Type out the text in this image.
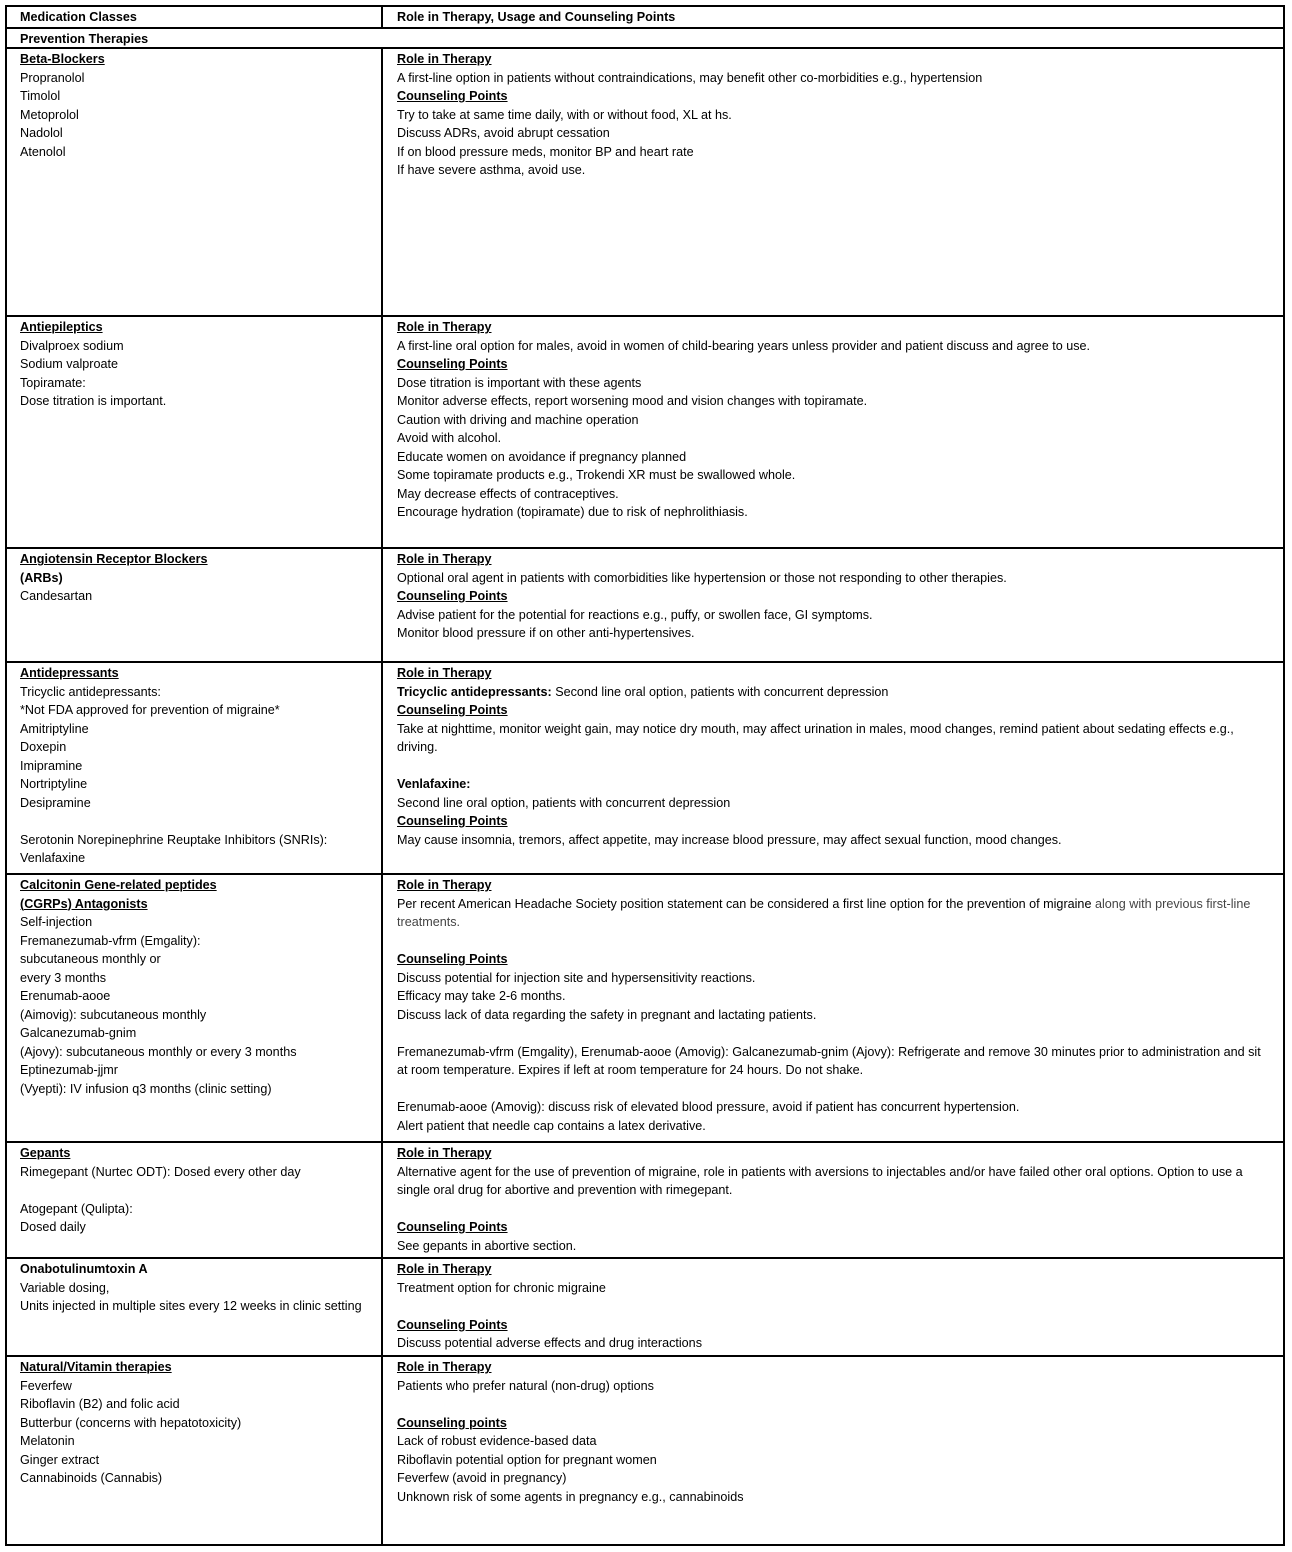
Medication Classes	Role in Therapy, Usage and Counseling Points
Prevention Therapies
Beta-Blockers
Propranolol
Timolol
Metoprolol
Nadolol
Atenolol
Role in Therapy
A first-line option in patients without contraindications, may benefit other co-morbidities e.g., hypertension
Counseling Points
Try to take at same time daily, with or without food, XL at hs.
Discuss ADRs, avoid abrupt cessation
If on blood pressure meds, monitor BP and heart rate
If have severe asthma, avoid use.
Antiepileptics
Divalproex sodium
Sodium valproate
Topiramate:
Dose titration is important.
Role in Therapy
A first-line oral option for males, avoid in women of child-bearing years unless provider and patient discuss and agree to use.
Counseling Points
Dose titration is important with these agents
Monitor adverse effects, report worsening mood and vision changes with topiramate.
Caution with driving and machine operation
Avoid with alcohol.
Educate women on avoidance if pregnancy planned
Some topiramate products e.g., Trokendi XR must be swallowed whole.
May decrease effects of contraceptives.
Encourage hydration (topiramate) due to risk of nephrolithiasis.
Angiotensin Receptor Blockers
(ARBs)
Candesartan
Role in Therapy
Optional oral agent in patients with comorbidities like hypertension or those not responding to other therapies.
Counseling Points
Advise patient for the potential for reactions e.g., puffy, or swollen face, GI symptoms.
Monitor blood pressure if on other anti-hypertensives.
Antidepressants
Tricyclic antidepressants:
*Not FDA approved for prevention of migraine*
Amitriptyline
Doxepin
Imipramine
Nortriptyline
Desipramine
Serotonin Norepinephrine Reuptake Inhibitors (SNRIs):
Venlafaxine
Role in Therapy
Tricyclic antidepressants: Second line oral option, patients with concurrent depression
Counseling Points
Take at nighttime, monitor weight gain, may notice dry mouth, may affect urination in males, mood changes, remind patient about sedating effects e.g., driving.
Venlafaxine:
Second line oral option, patients with concurrent depression
Counseling Points
May cause insomnia, tremors, affect appetite, may increase blood pressure, may affect sexual function, mood changes.
Calcitonin Gene-related peptides
(CGRPs) Antagonists
Self-injection
Fremanezumab-vfrm (Emgality):
subcutaneous monthly or
every 3 months
Erenumab-aooe
(Aimovig): subcutaneous monthly
Galcanezumab-gnim
(Ajovy): subcutaneous monthly or every 3 months
Eptinezumab-jjmr
(Vyepti): IV infusion q3 months (clinic setting)
Role in Therapy
Per recent American Headache Society position statement can be considered a first line option for the prevention of migraine along with previous first-line treatments.
Counseling Points
Discuss potential for injection site and hypersensitivity reactions.
Efficacy may take 2-6 months.
Discuss lack of data regarding the safety in pregnant and lactating patients.
Fremanezumab-vfrm (Emgality), Erenumab-aooe (Amovig): Galcanezumab-gnim (Ajovy): Refrigerate and remove 30 minutes prior to administration and sit at room temperature. Expires if left at room temperature for 24 hours. Do not shake.
Erenumab-aooe (Amovig): discuss risk of elevated blood pressure, avoid if patient has concurrent hypertension.
Alert patient that needle cap contains a latex derivative.
Gepants
Rimegepant (Nurtec ODT): Dosed every other day
Atogepant (Qulipta):
Dosed daily
Role in Therapy
Alternative agent for the use of prevention of migraine, role in patients with aversions to injectables and/or have failed other oral options. Option to use a single oral drug for abortive and prevention with rimegepant.
Counseling Points
See gepants in abortive section.
Onabotulinumtoxin A
Variable dosing,
Units injected in multiple sites every 12 weeks in clinic setting
Role in Therapy
Treatment option for chronic migraine
Counseling Points
Discuss potential adverse effects and drug interactions
Natural/Vitamin therapies
Feverfew
Riboflavin (B2) and folic acid
Butterbur (concerns with hepatotoxicity)
Melatonin
Ginger extract
Cannabinoids (Cannabis)
Role in Therapy
Patients who prefer natural (non-drug) options
Counseling points
Lack of robust evidence-based data
Riboflavin potential option for pregnant women
Feverfew (avoid in pregnancy)
Unknown risk of some agents in pregnancy e.g., cannabinoids
